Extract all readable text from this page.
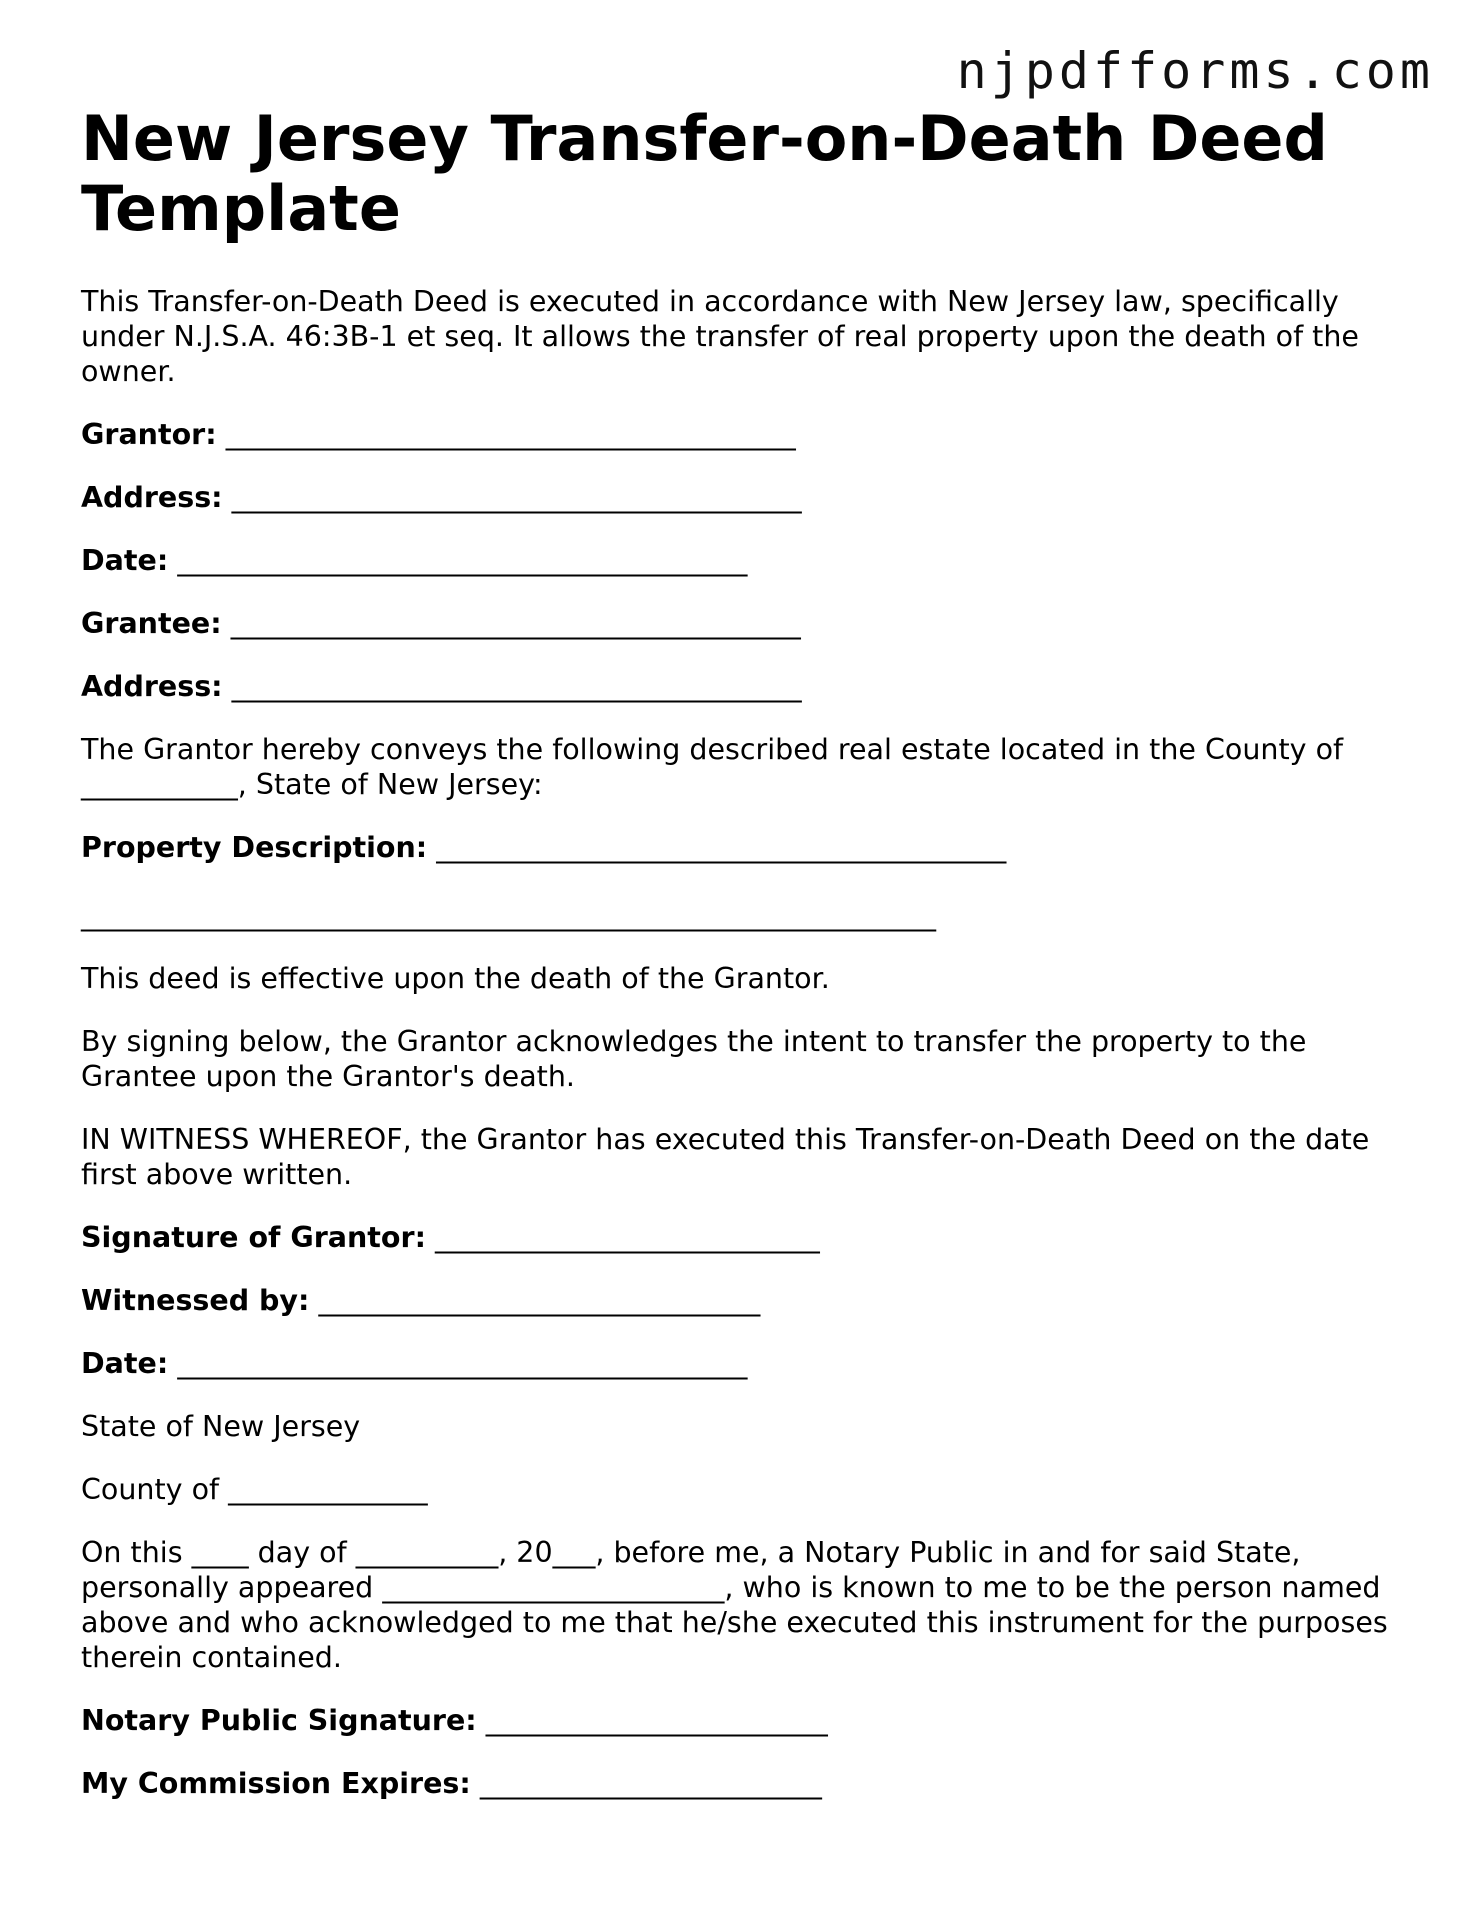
njpdfforms.com
New Jersey Transfer-on-Death Deed Template

This Transfer-on-Death Deed is executed in accordance with New Jersey law, specifically under N.J.S.A. 46:3B-1 et seq. It allows the transfer of real property upon the death of the owner.

Grantor: ________________________________________

Address: ________________________________________

Date: ________________________________________

Grantee: ________________________________________

Address: ________________________________________

The Grantor hereby conveys the following described real estate located in the County of ___________, State of New Jersey:

Property Description: ________________________________________

____________________________________________________________

This deed is effective upon the death of the Grantor.

By signing below, the Grantor acknowledges the intent to transfer the property to the Grantee upon the Grantor's death.

IN WITNESS WHEREOF, the Grantor has executed this Transfer-on-Death Deed on the date first above written.

Signature of Grantor: ___________________________

Witnessed by: _______________________________

Date: ________________________________________

State of New Jersey

County of ______________

On this ____ day of __________, 20___, before me, a Notary Public in and for said State, personally appeared ________________________, who is known to me to be the person named above and who acknowledged to me that he/she executed this instrument for the purposes therein contained.

Notary Public Signature: ________________________

My Commission Expires: ________________________
